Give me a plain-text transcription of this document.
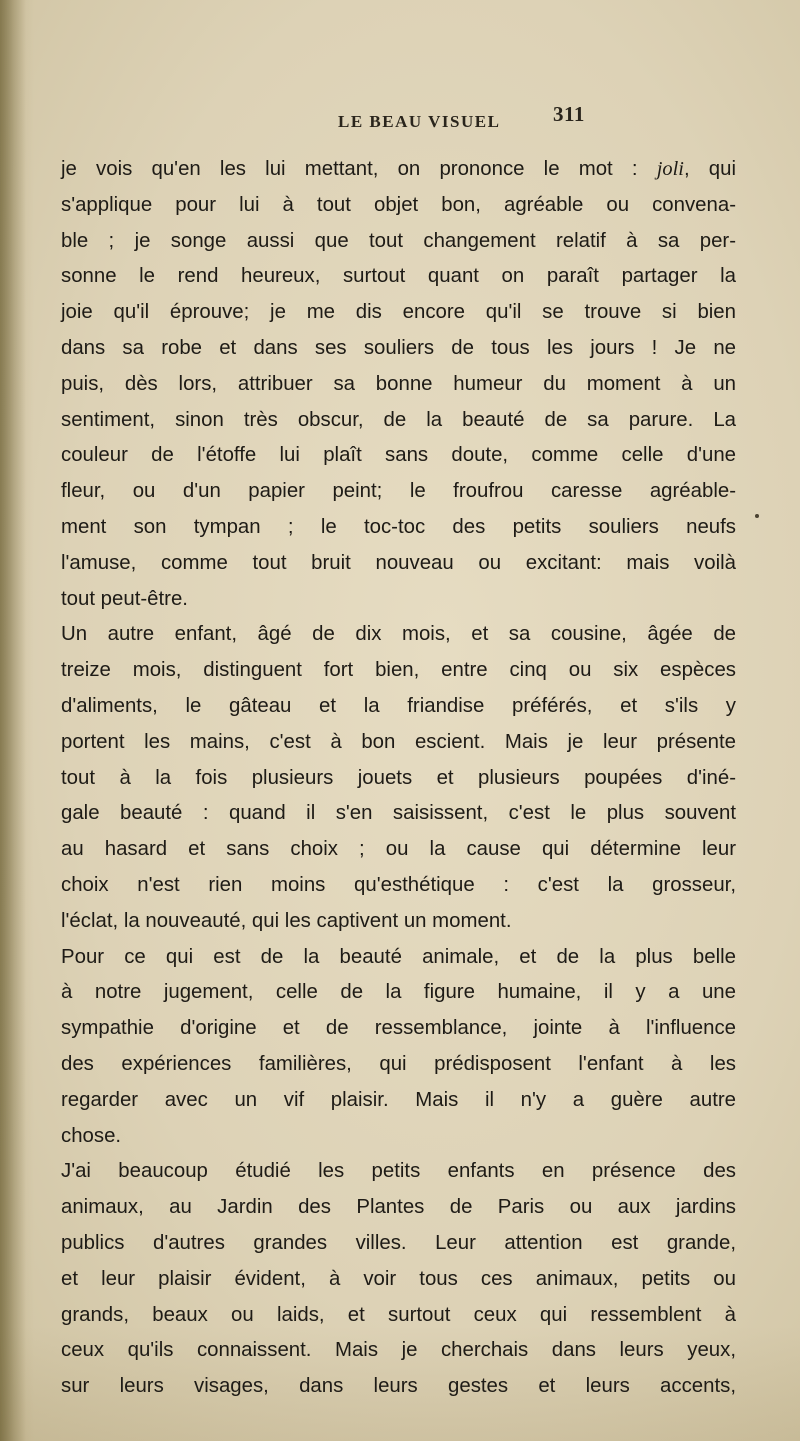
LE BEAU VISUEL	311
je vois qu'en les lui mettant, on prononce le mot : joli, qui
s'applique pour lui à tout objet bon, agréable ou convena-
ble ; je songe aussi que tout changement relatif à sa per-
sonne le rend heureux, surtout quant on paraît partager la
joie qu'il éprouve; je me dis encore qu'il se trouve si bien
dans sa robe et dans ses souliers de tous les jours ! Je ne
puis, dès lors, attribuer sa bonne humeur du moment à un
sentiment, sinon très obscur, de la beauté de sa parure. La
couleur de l'étoffe lui plaît sans doute, comme celle d'une
fleur, ou d'un papier peint; le froufrou caresse agréable-
ment son tympan ; le toc-toc des petits souliers neufs
l'amuse, comme tout bruit nouveau ou excitant: mais voilà
tout peut-être.
Un autre enfant, âgé de dix mois, et sa cousine, âgée de
treize mois, distinguent fort bien, entre cinq ou six espèces
d'aliments, le gâteau et la friandise préférés, et s'ils y
portent les mains, c'est à bon escient. Mais je leur présente
tout à la fois plusieurs jouets et plusieurs poupées d'iné-
gale beauté : quand il s'en saisissent, c'est le plus souvent
au hasard et sans choix ; ou la cause qui détermine leur
choix n'est rien moins qu'esthétique : c'est la grosseur,
l'éclat, la nouveauté, qui les captivent un moment.
Pour ce qui est de la beauté animale, et de la plus belle
à notre jugement, celle de la figure humaine, il y a une
sympathie d'origine et de ressemblance, jointe à l'influence
des expériences familières, qui prédisposent l'enfant à les
regarder avec un vif plaisir. Mais il n'y a guère autre
chose.
J'ai beaucoup étudié les petits enfants en présence des
animaux, au Jardin des Plantes de Paris ou aux jardins
publics d'autres grandes villes. Leur attention est grande,
et leur plaisir évident, à voir tous ces animaux, petits ou
grands, beaux ou laids, et surtout ceux qui ressemblent à
ceux qu'ils connaissent. Mais je cherchais dans leurs yeux,
sur leurs visages, dans leurs gestes et leurs accents,
